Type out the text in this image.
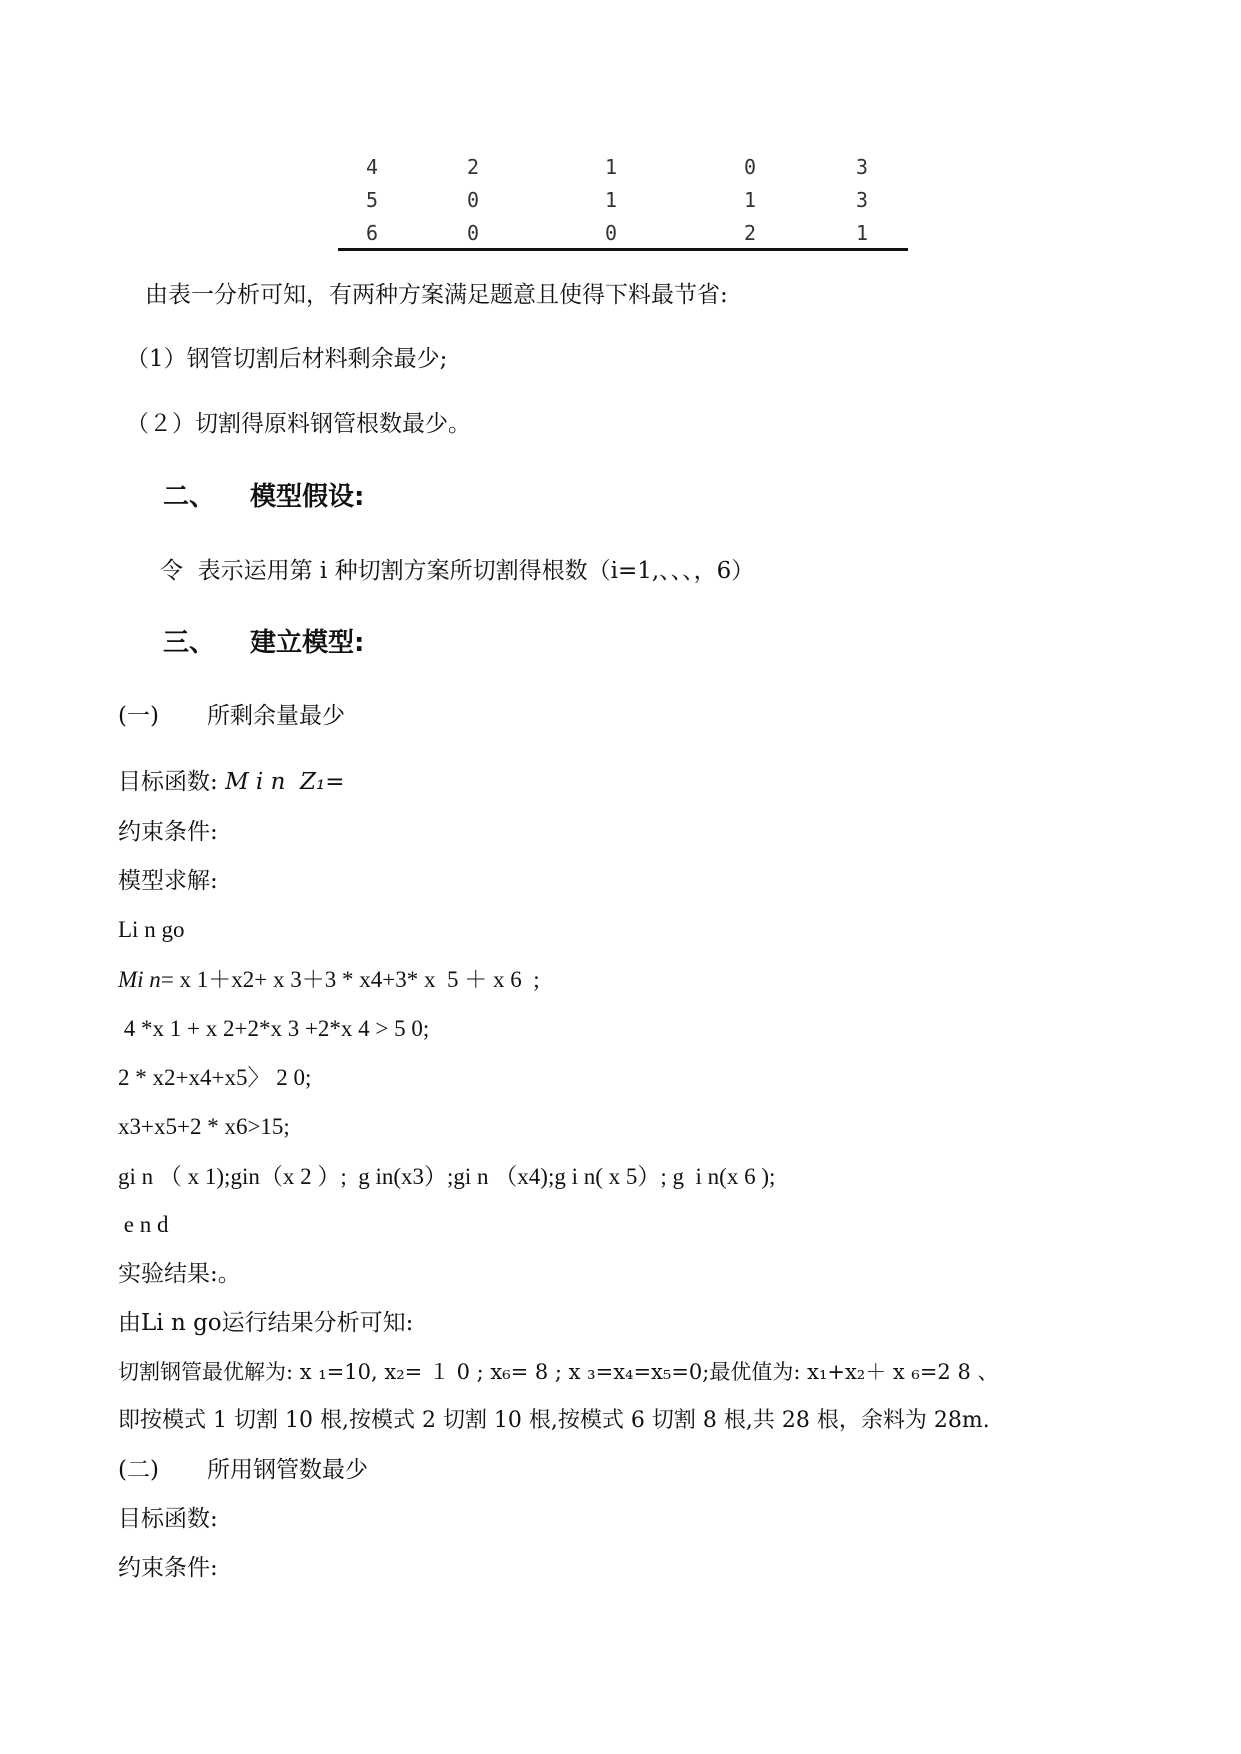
4	2	1	0	3
5	0	1	1	3
6	0	0	2	1
由表一分析可知，有两种方案满足题意且使得下料最节省:
（1）钢管切割后材料剩余最少;
（２）切割得原料钢管根数最少。
二、 模型假设:
令  表示运用第 i 种切割方案所切割得根数（i=1,、、、，6）
三、 建立模型:
(一) 所剩余量最少
目标函数: M i n  Z₁=
约束条件:
模型求解:
Li n go
Mi n= x 1＋x2+ x 3＋3 * x4+3* x  5 ＋ x 6  ;
4 *x 1 + x 2+2*x 3 +2*x 4 > 5 0;
2 * x2+x4+x5〉 2 0;
x3+x5+2 * x6>15;
gi n （ x 1);gin（x 2 ）;  g in(x3）;gi n （x4);g i n( x 5）; g  i n(x 6 );
e n d
实验结果:。
由Li n go运行结果分析可知:
切割钢管最优解为: x ₁=10, x₂= １ 0 ; x₆= 8 ; x ₃=x₄=x₅=0;最优值为: x₁+x₂＋ x ₆=2 8 、
即按模式 1 切割 10 根,按模式 2 切割 10 根,按模式 6 切割 8 根,共 28 根，余料为 28m.
(二) 所用钢管数最少
目标函数:
约束条件:
